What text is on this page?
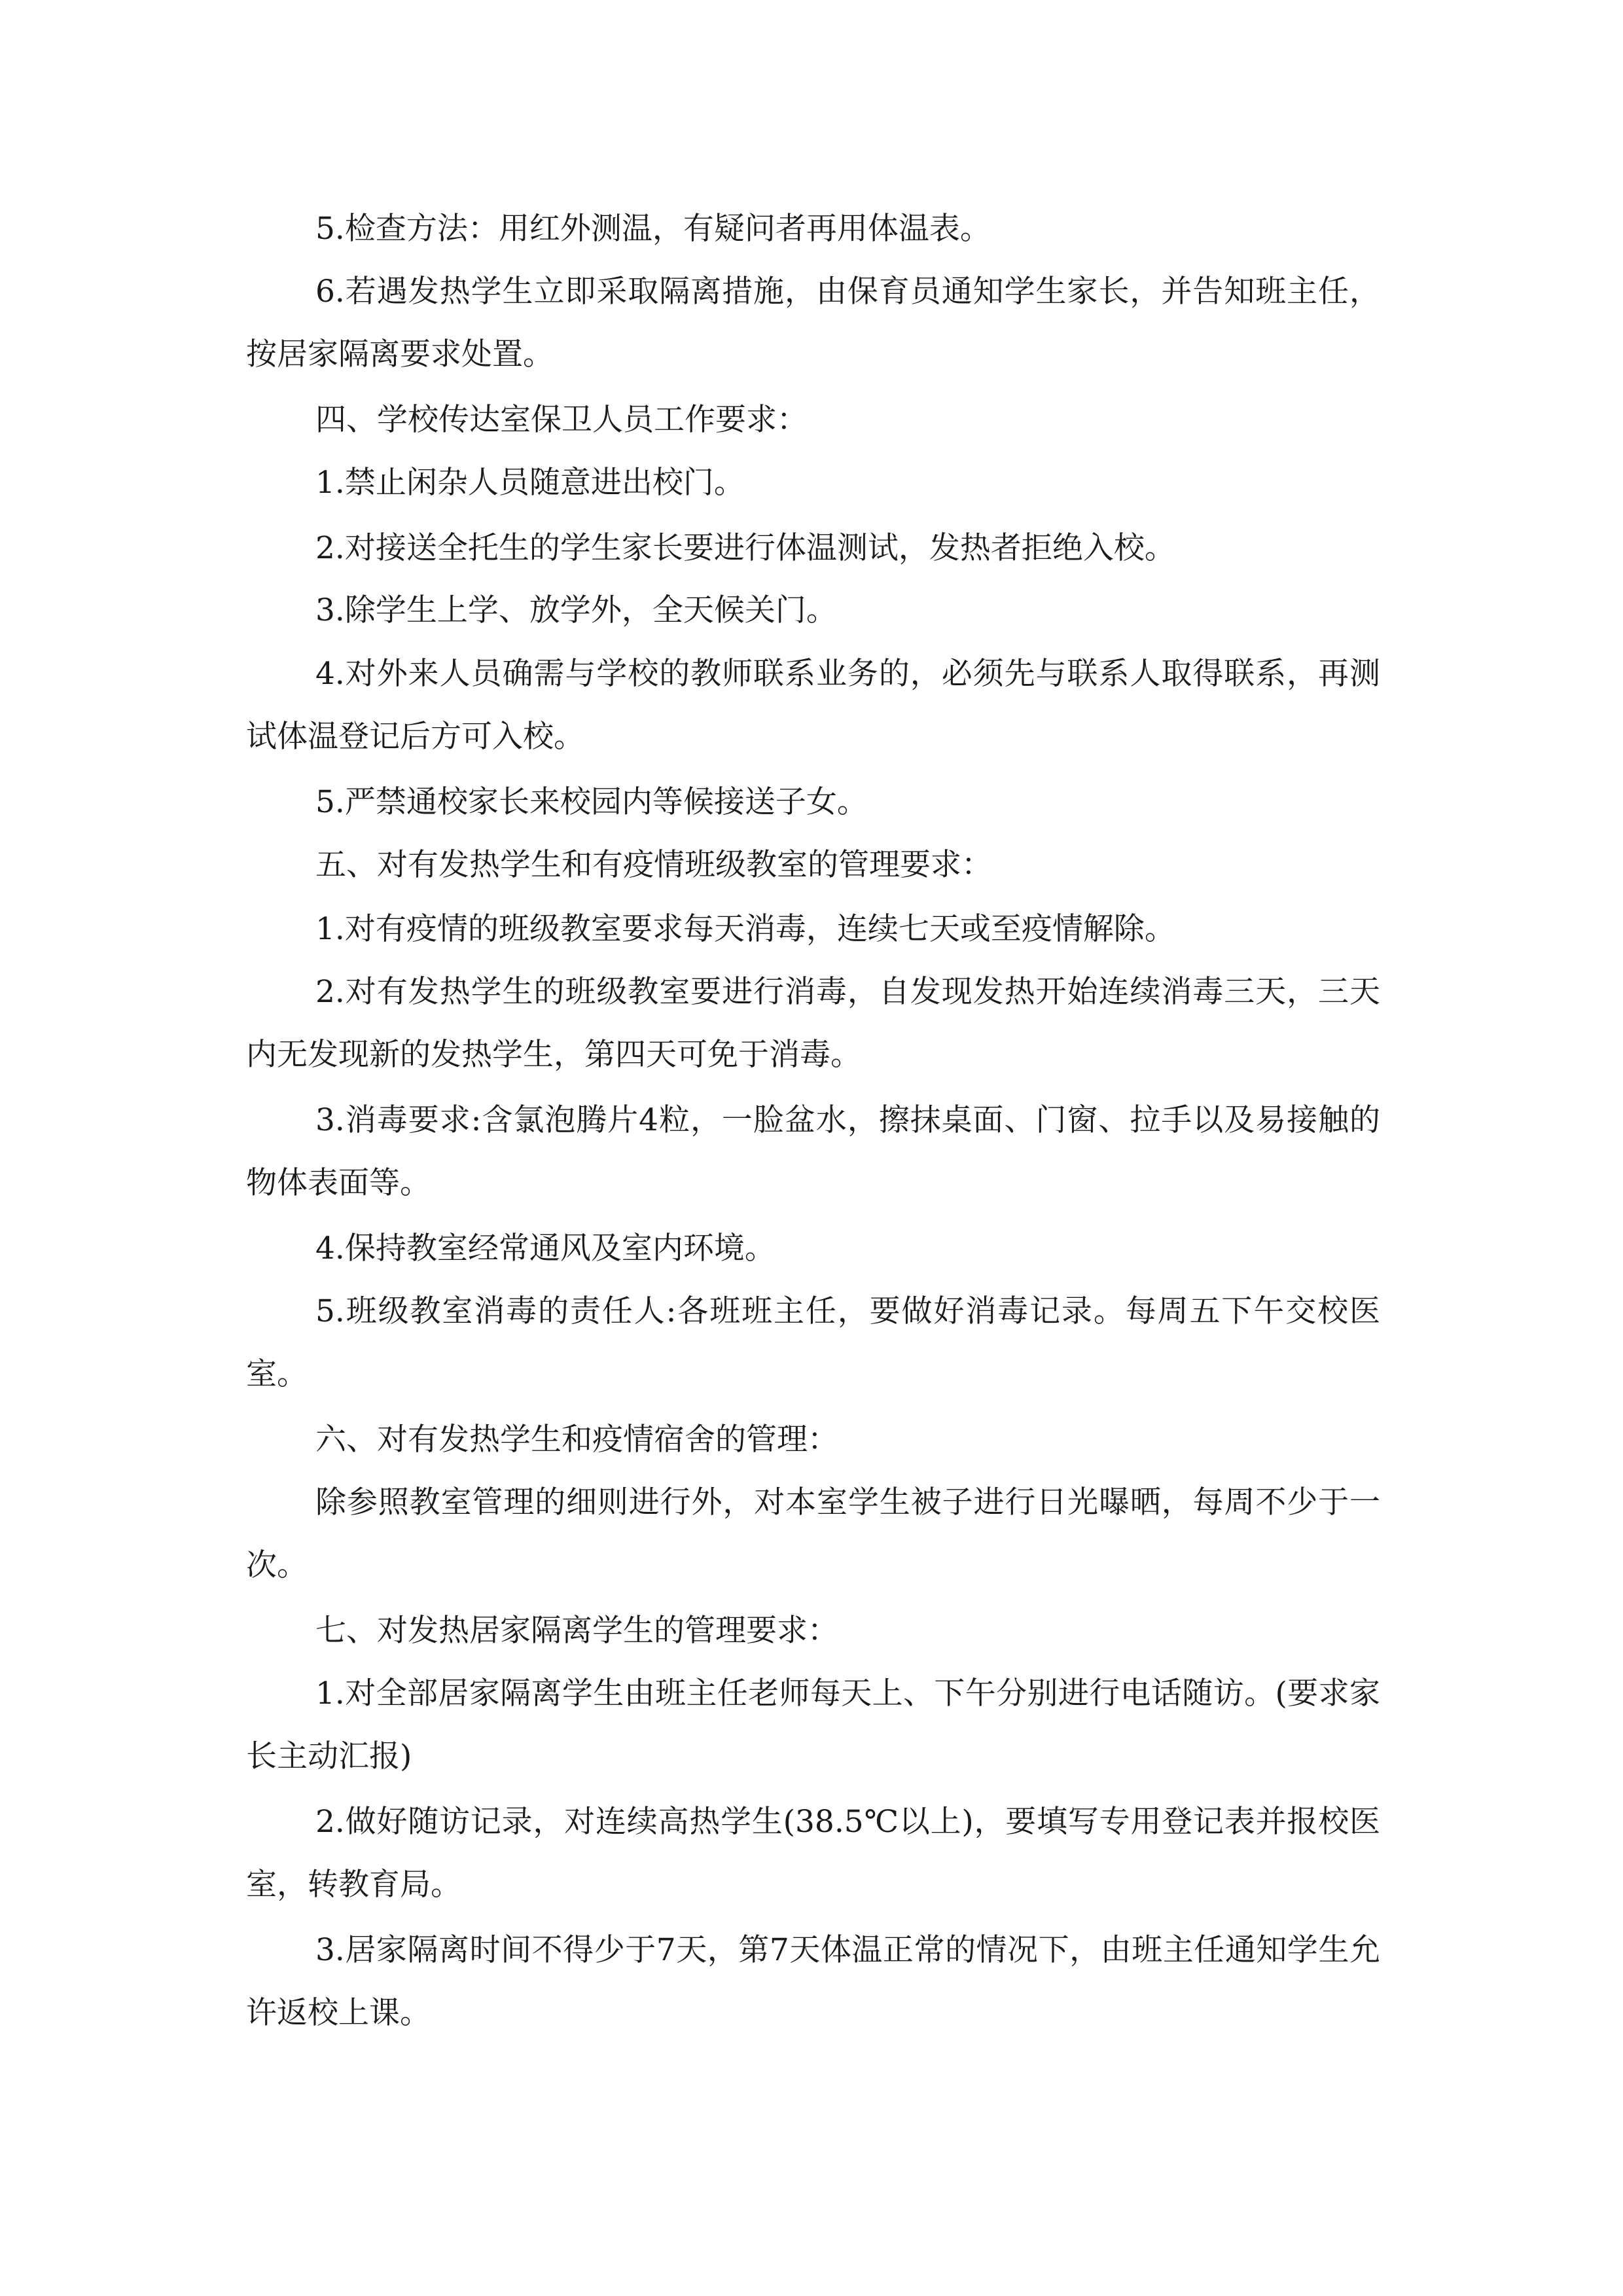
5.检查方法：用红外测温，有疑问者再用体温表。

6.若遇发热学生立即采取隔离措施，由保育员通知学生家长，并告知班主任，按居家隔离要求处置。

四、学校传达室保卫人员工作要求：

1.禁止闲杂人员随意进出校门。

2.对接送全托生的学生家长要进行体温测试，发热者拒绝入校。

3.除学生上学、放学外，全天候关门。

4.对外来人员确需与学校的教师联系业务的，必须先与联系人取得联系，再测试体温登记后方可入校。

5.严禁通校家长来校园内等候接送子女。

五、对有发热学生和有疫情班级教室的管理要求：

1.对有疫情的班级教室要求每天消毒，连续七天或至疫情解除。

2.对有发热学生的班级教室要进行消毒，自发现发热开始连续消毒三天，三天内无发现新的发热学生，第四天可免于消毒。

3.消毒要求:含氯泡腾片4粒，一脸盆水，擦抹桌面、门窗、拉手以及易接触的物体表面等。

4.保持教室经常通风及室内环境。

5.班级教室消毒的责任人:各班班主任，要做好消毒记录。每周五下午交校医室。

六、对有发热学生和疫情宿舍的管理：

除参照教室管理的细则进行外，对本室学生被子进行日光曝晒，每周不少于一次。

七、对发热居家隔离学生的管理要求：

1.对全部居家隔离学生由班主任老师每天上、下午分别进行电话随访。(要求家长主动汇报)

2.做好随访记录，对连续高热学生(38.5℃以上)，要填写专用登记表并报校医室，转教育局。

3.居家隔离时间不得少于7天，第7天体温正常的情况下，由班主任通知学生允许返校上课。
